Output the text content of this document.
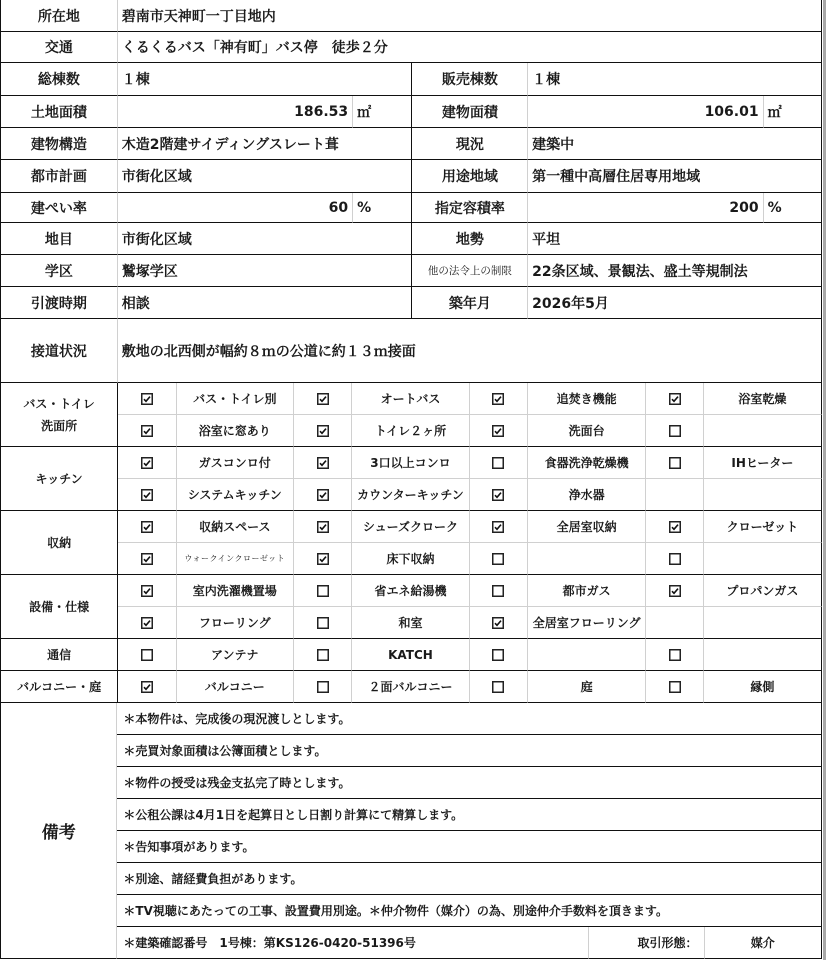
所在地	碧南市天神町一丁目地内				
交通	くるくるバス「神有町」バス停　徒歩２分				
総棟数	１棟		販売棟数	１棟	
土地面積	186.53	㎡	建物面積	106.01	㎡
建物構造	木造2階建サイディングスレート葺		現況	建築中	
都市計画	市街化区域		用途地域	第一種中高層住居専用地域	
建ぺい率	60	%	指定容積率	200	%
地目	市街化区域		地勢	平坦	
学区	鷲塚学区		他の法令上の制限	22条区域、景観法、盛土等規制法	
引渡時期	相談		築年月	2026年5月	
接道状況	敷地の北西側が幅約８ｍの公道に約１３ｍ接面				
バス・トイレ
洗面所		バス・トイレ別		オートバス		追焚き機能		浴室乾燥

	浴室に窓あり		トイレ２ヶ所		洗面台	

キッチン		ガスコンロ付		3口以上コンロ		食器洗浄乾燥機		IHヒーター

	システムキッチン		カウンターキッチン		浄水器		
収納		収納スペース		シューズクローク		全居室収納		クローゼット

	ウォークインクローゼット		床下収納	

設備・仕様		室内洗濯機置場		省エネ給湯機		都市ガス		プロパンガス

	フローリング		和室		全居室フローリング		
通信		アンテナ		KATCH	

バルコニー・庭		バルコニー		２面バルコニー		庭		縁側
備考	＊本物件は、完成後の現況渡しとします。		
	＊売買対象面積は公簿面積とします。		
	＊物件の授受は残金支払完了時とします。		
	＊公租公課は4月1日を起算日とし日割り計算にて精算します。		
	＊告知事項があります。		
	＊別途、諸経費負担があります。		
	＊TV視聴にあたっての工事、設置費用別途。＊仲介物件（媒介）の為、別途仲介手数料を頂きます。		
	＊建築確認番号　1号棟：第KS126-0420-51396号	取引形態：	媒介
